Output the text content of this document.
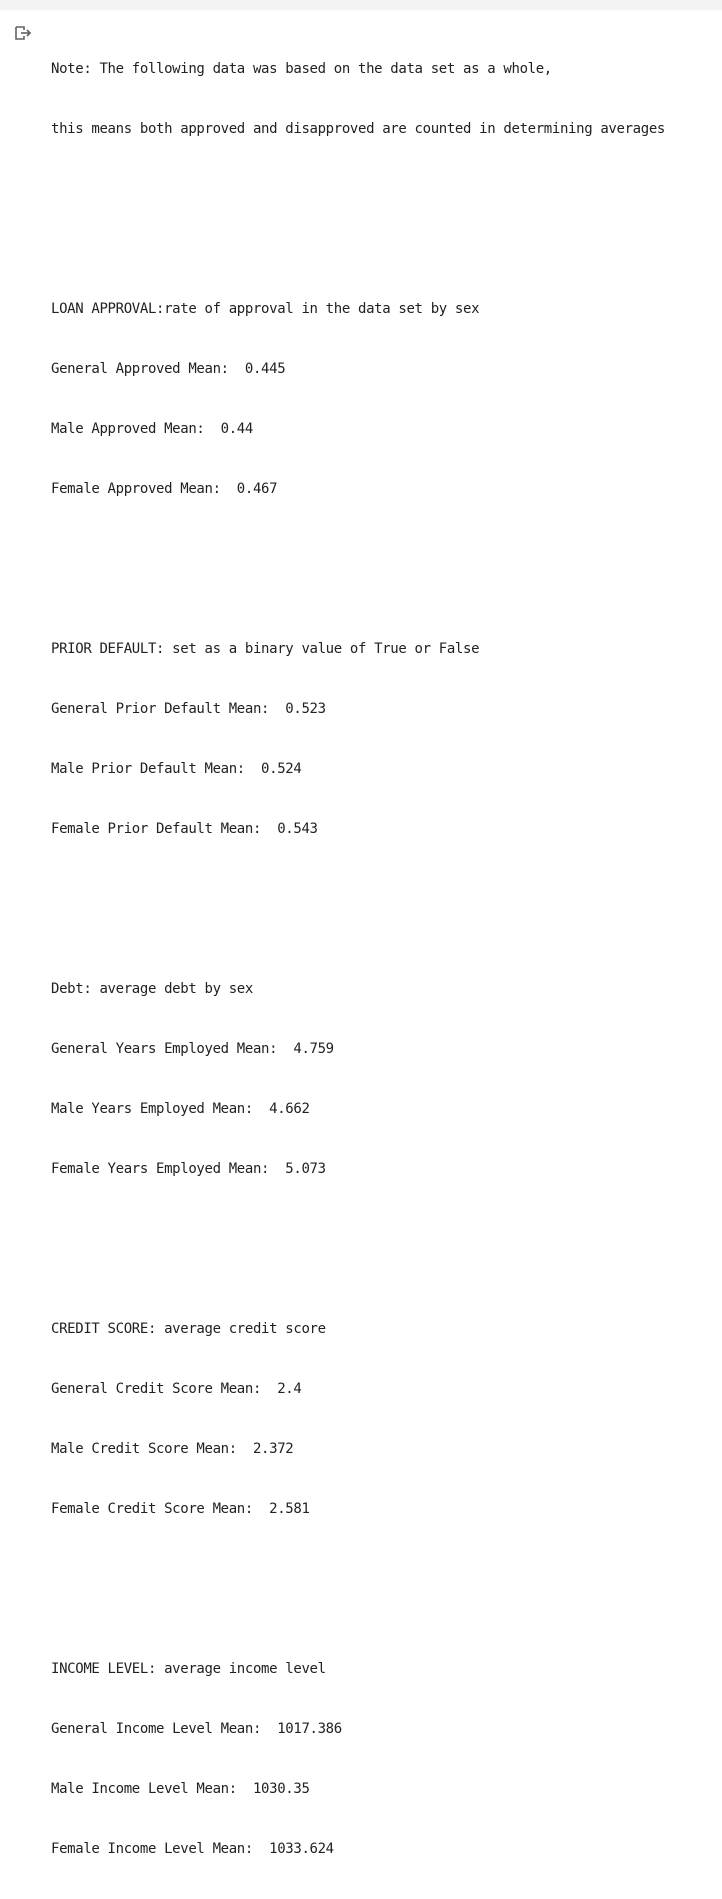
Note: The following data was based on the data set as a whole,

this means both approved and disapproved are counted in determining averages

LOAN APPROVAL:rate of approval in the data set by sex

General Approved Mean:  0.445

Male Approved Mean:  0.44

Female Approved Mean:  0.467

PRIOR DEFAULT: set as a binary value of True or False

General Prior Default Mean:  0.523

Male Prior Default Mean:  0.524

Female Prior Default Mean:  0.543

Debt: average debt by sex

General Years Employed Mean:  4.759

Male Years Employed Mean:  4.662

Female Years Employed Mean:  5.073

CREDIT SCORE: average credit score

General Credit Score Mean:  2.4

Male Credit Score Mean:  2.372

Female Credit Score Mean:  2.581

INCOME LEVEL: average income level

General Income Level Mean:  1017.386

Male Income Level Mean:  1030.35

Female Income Level Mean:  1033.624
